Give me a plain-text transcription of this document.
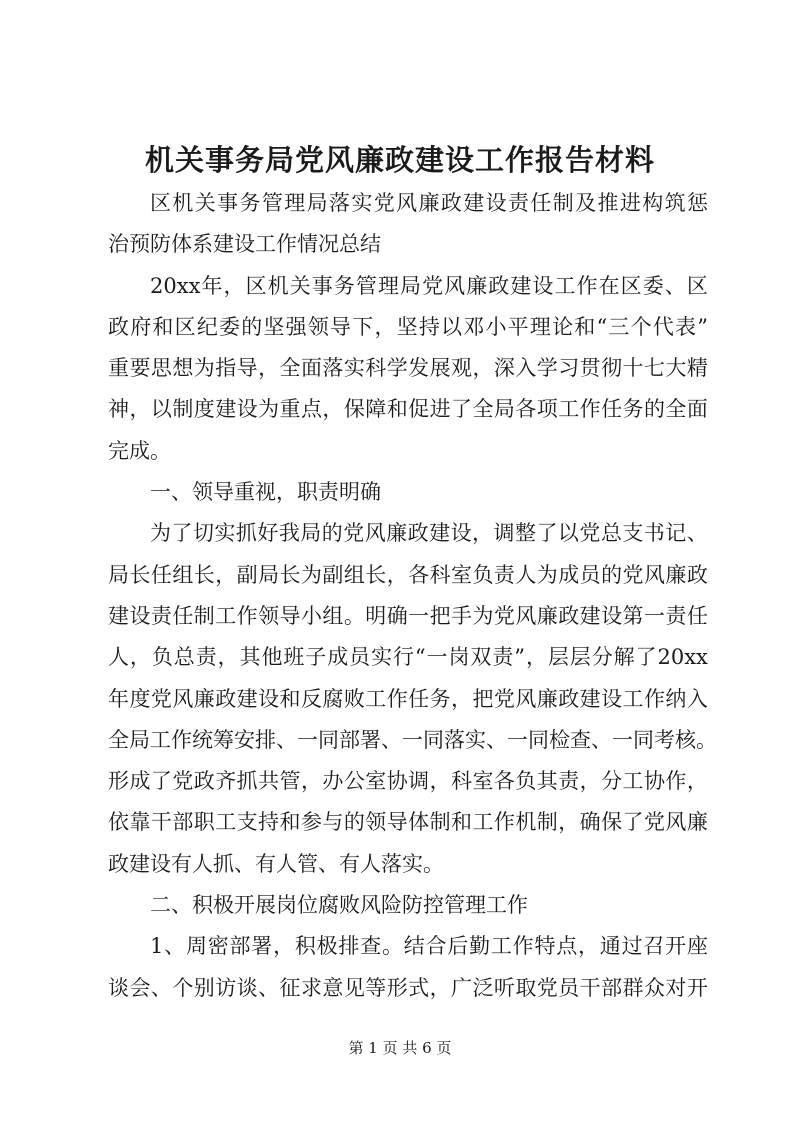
机关事务局党风廉政建设工作报告材料
区 机 关 事 务 管 理 局 落 实 党 风 廉 政 建 设 责 任 制 及 推 进 构 筑 惩
治预防体系建设工作情况总结
20xx 年 ， 区 机 关 事 务 管 理 局 党 风 廉 政 建 设 工 作 在 区 委 、 区
政 府 和 区 纪 委 的 坚 强 领 导 下 ， 坚 持 以 邓 小 平 理 论 和 “ 三 个 代 表 ”
重 要 思 想 为 指 导 ， 全 面 落 实 科 学 发 展 观 ， 深 入 学 习 贯 彻 十 七 大 精
神 ， 以 制 度 建 设 为 重 点 ， 保 障 和 促 进 了 全 局 各 项 工 作 任 务 的 全 面
完成。
一、领导重视，职责明确
为 了 切 实 抓 好 我 局 的 党 风 廉 政 建 设 ， 调 整 了 以 党 总 支 书 记 、
局 长 任 组 长 ， 副 局 长 为 副 组 长 ， 各 科 室 负 责 人 为 成 员 的 党 风 廉 政
建 设 责 任 制 工 作 领 导 小 组 。 明 确 一 把 手 为 党 风 廉 政 建 设 第 一 责 任
人 ， 负 总 责 ， 其 他 班 子 成 员 实 行 “ 一 岗 双 责 ” ， 层 层 分 解 了 20xx
年 度 党 风 廉 政 建 设 和 反 腐 败 工 作 任 务 ， 把 党 风 廉 政 建 设 工 作 纳 入
全 局 工 作 统 筹 安 排 、 一 同 部 署 、 一 同 落 实 、 一 同 检 查 、 一 同 考 核 。
形 成 了 党 政 齐 抓 共 管 ， 办 公 室 协 调 ， 科 室 各 负 其 责 ， 分 工 协 作 ，
依 靠 干 部 职 工 支 持 和 参 与 的 领 导 体 制 和 工 作 机 制 ， 确 保 了 党 风 廉
政建设有人抓、有人管、有人落实。
二、积极开展岗位腐败风险防控管理工作
1 、 周 密 部 署 ， 积 极 排 查 。 结 合 后 勤 工 作 特 点 ， 通 过 召 开 座
谈 会 、 个 别 访 谈 、 征 求 意 见 等 形 式 ， 广 泛 听 取 党 员 干 部 群 众 对 开
第 1 页 共 6 页
